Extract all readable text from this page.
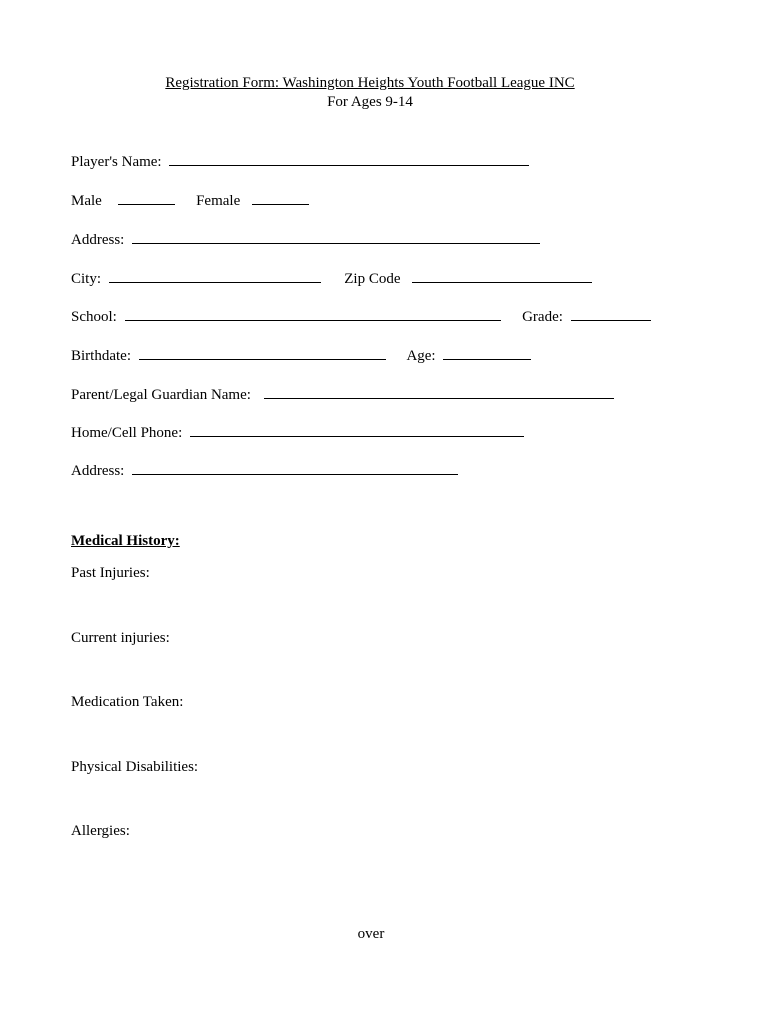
Registration Form: Washington Heights Youth Football League INC
For Ages 9-14
Player's Name:
Male	Female
Address:
City:	Zip Code
School:	Grade:
Birthdate:	Age:
Parent/Legal Guardian Name:
Home/Cell Phone:
Address:
Medical History:
Past Injuries:
Current injuries:
Medication Taken:
Physical Disabilities:
Allergies:
over
